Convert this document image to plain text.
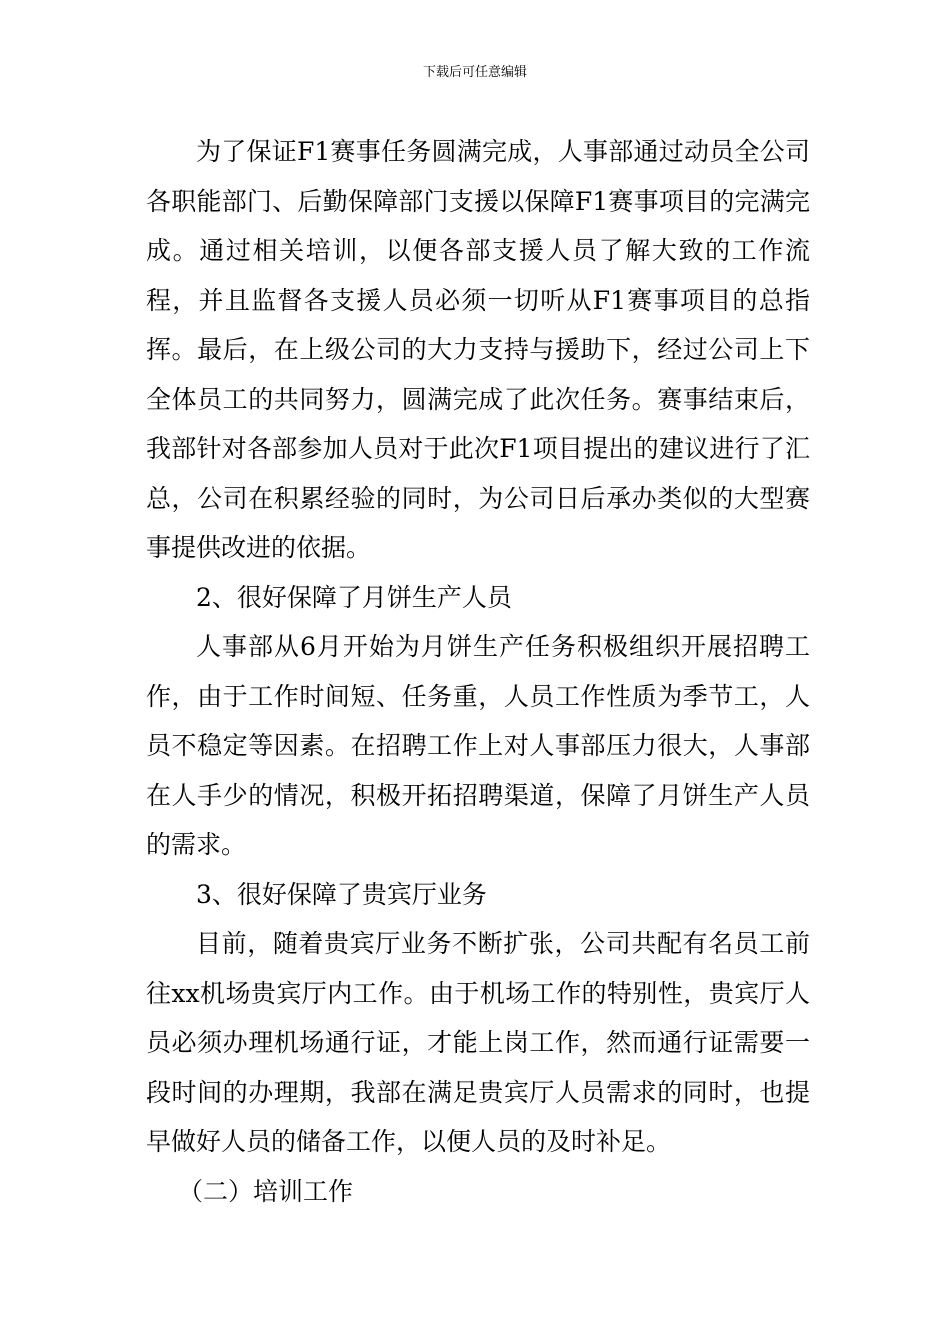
下载后可任意编辑

为了保证F1赛事任务圆满完成，人事部通过动员全公司各职能部门、后勤保障部门支援以保障F1赛事项目的完满完成。通过相关培训，以便各部支援人员了解大致的工作流程，并且监督各支援人员必须一切听从F1赛事项目的总指挥。最后，在上级公司的大力支持与援助下，经过公司上下全体员工的共同努力，圆满完成了此次任务。赛事结束后，我部针对各部参加人员对于此次F1项目提出的建议进行了汇总，公司在积累经验的同时，为公司日后承办类似的大型赛事提供改进的依据。

2、很好保障了月饼生产人员

人事部从6月开始为月饼生产任务积极组织开展招聘工作，由于工作时间短、任务重，人员工作性质为季节工，人员不稳定等因素。在招聘工作上对人事部压力很大，人事部在人手少的情况，积极开拓招聘渠道，保障了月饼生产人员的需求。

3、很好保障了贵宾厅业务

目前，随着贵宾厅业务不断扩张，公司共配有名员工前往xx机场贵宾厅内工作。由于机场工作的特别性，贵宾厅人员必须办理机场通行证，才能上岗工作，然而通行证需要一段时间的办理期，我部在满足贵宾厅人员需求的同时，也提早做好人员的储备工作，以便人员的及时补足。

（二）培训工作
